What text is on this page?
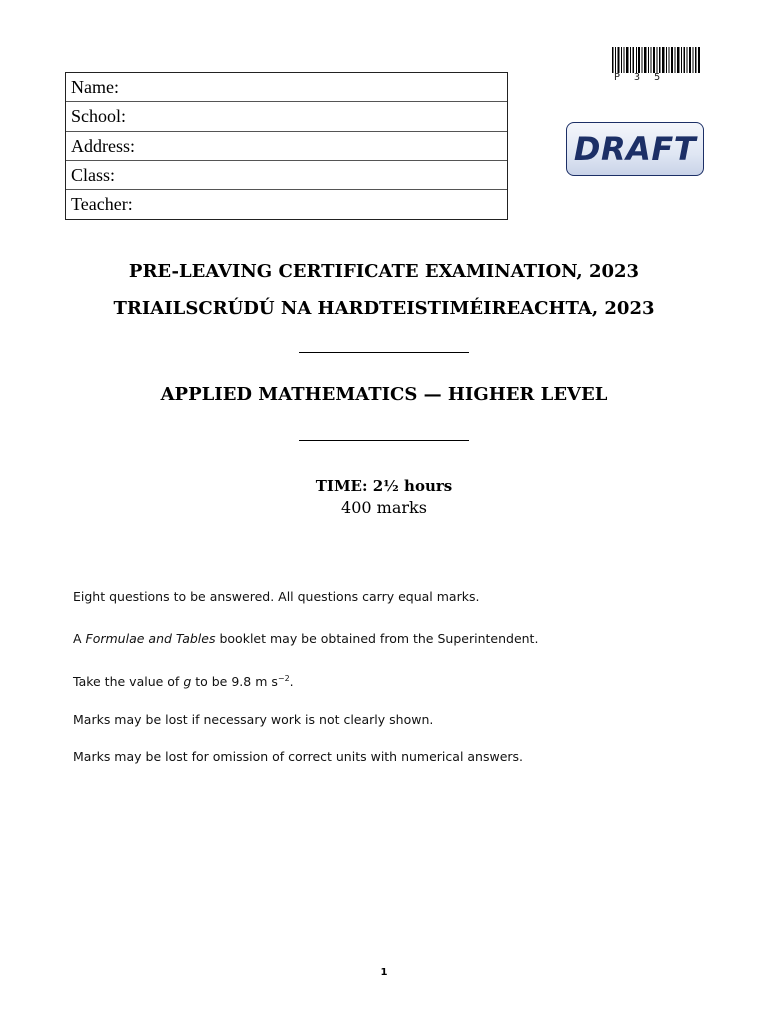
Name:
School:
Address:
Class:
Teacher:
P 3 5
DRAFT
PRE-LEAVING CERTIFICATE EXAMINATION, 2023
TRIAILSCRÚDÚ NA HARDTEISTIMÉIREACHTA, 2023
APPLIED MATHEMATICS — HIGHER LEVEL
TIME: 2½ hours
400 marks
Eight questions to be answered. All questions carry equal marks.
A Formulae and Tables booklet may be obtained from the Superintendent.
Take the value of g to be 9.8 m $s^{-2}$.
Marks may be lost if necessary work is not clearly shown.
Marks may be lost for omission of correct units with numerical answers.
1
